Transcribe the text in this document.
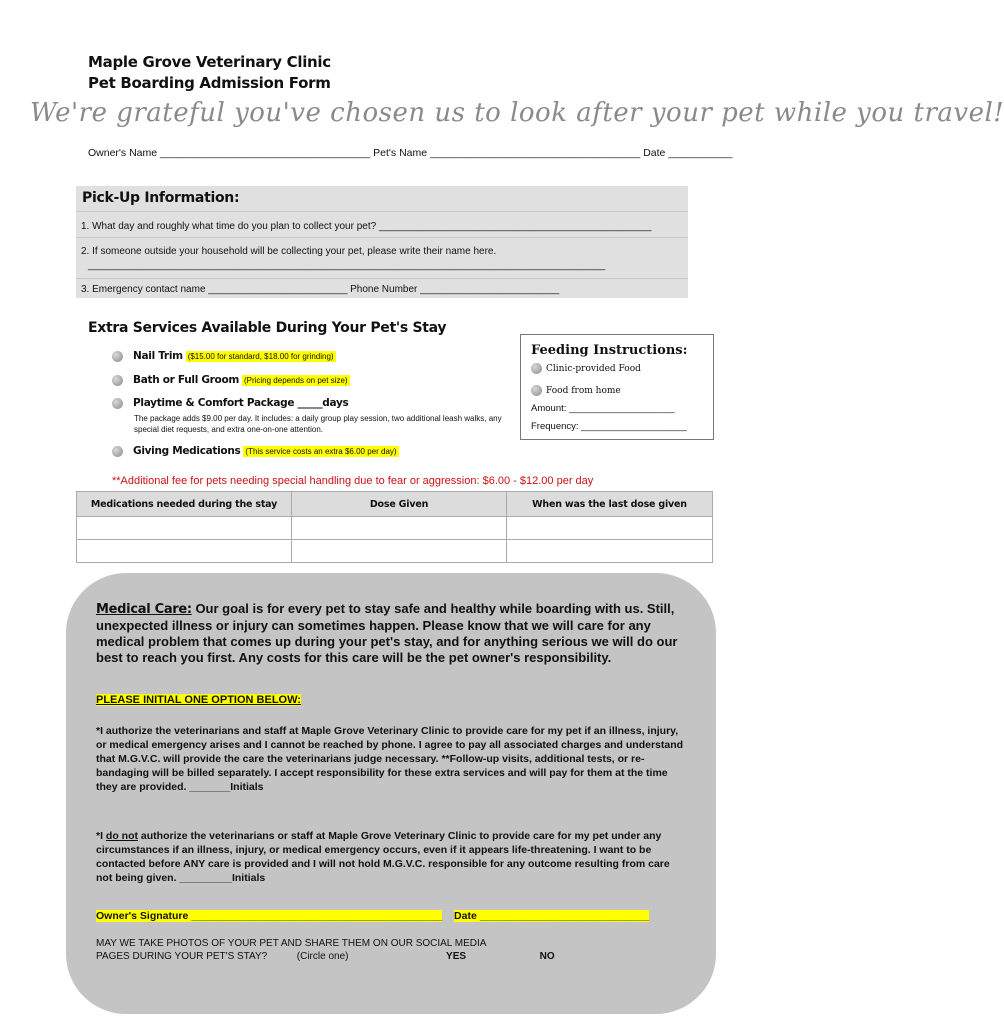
Maple Grove Veterinary Clinic
Pet Boarding Admission Form
We're grateful you've chosen us to look after your pet while you travel!
Owner's Name ____________________________________ Pet's Name ____________________________________ Date ___________
Pick-Up Information:
1. What day and roughly what time do you plan to collect your pet? _________________________________________________
2. If someone outside your household will be collecting your pet, please write their name here.
_____________________________________________________________________________________________
3. Emergency contact name _________________________ Phone Number _________________________
Extra Services Available During Your Pet's Stay
Nail Trim ($15.00 for standard, $18.00 for grinding)
Bath or Full Groom (Pricing depends on pet size)
Playtime & Comfort Package _____days
The package adds $9.00 per day. It includes: a daily group play session, two additional leash walks, any special diet requests, and extra one-on-one attention.
Giving Medications (This service costs an extra $6.00 per day)
Feeding Instructions:
Clinic-provided Food
Food from home
Amount: ____________________
Frequency: ____________________
**Additional fee for pets needing special handling due to fear or aggression: $6.00 - $12.00 per day
Medications needed during the stay	Dose Given	When was the last dose given

Medical Care: Our goal is for every pet to stay safe and healthy while boarding with us. Still, unexpected illness or injury can sometimes happen. Please know that we will care for any medical problem that comes up during your pet's stay, and for anything serious we will do our best to reach you first. Any costs for this care will be the pet owner's responsibility.
PLEASE INITIAL ONE OPTION BELOW:
*I authorize the veterinarians and staff at Maple Grove Veterinary Clinic to provide care for my pet if an illness, injury, or medical emergency arises and I cannot be reached by phone. I agree to pay all associated charges and understand that M.G.V.C. will provide the care the veterinarians judge necessary. **Follow-up visits, additional tests, or re-bandaging will be billed separately. I accept responsibility for these extra services and will pay for them at the time they are provided. _______Initials
*I do not authorize the veterinarians or staff at Maple Grove Veterinary Clinic to provide care for my pet under any circumstances if an illness, injury, or medical emergency occurs, even if it appears life-threatening. I want to be contacted before ANY care is provided and I will not hold M.G.V.C. responsible for any outcome resulting from care not being given. _________Initials
Owner's Signature ___________________________________________ Date _____________________________
MAY WE TAKE PHOTOS OF YOUR PET AND SHARE THEM ON OUR SOCIAL MEDIA
PAGES DURING YOUR PET'S STAY?	(Circle one)	YES	NO
